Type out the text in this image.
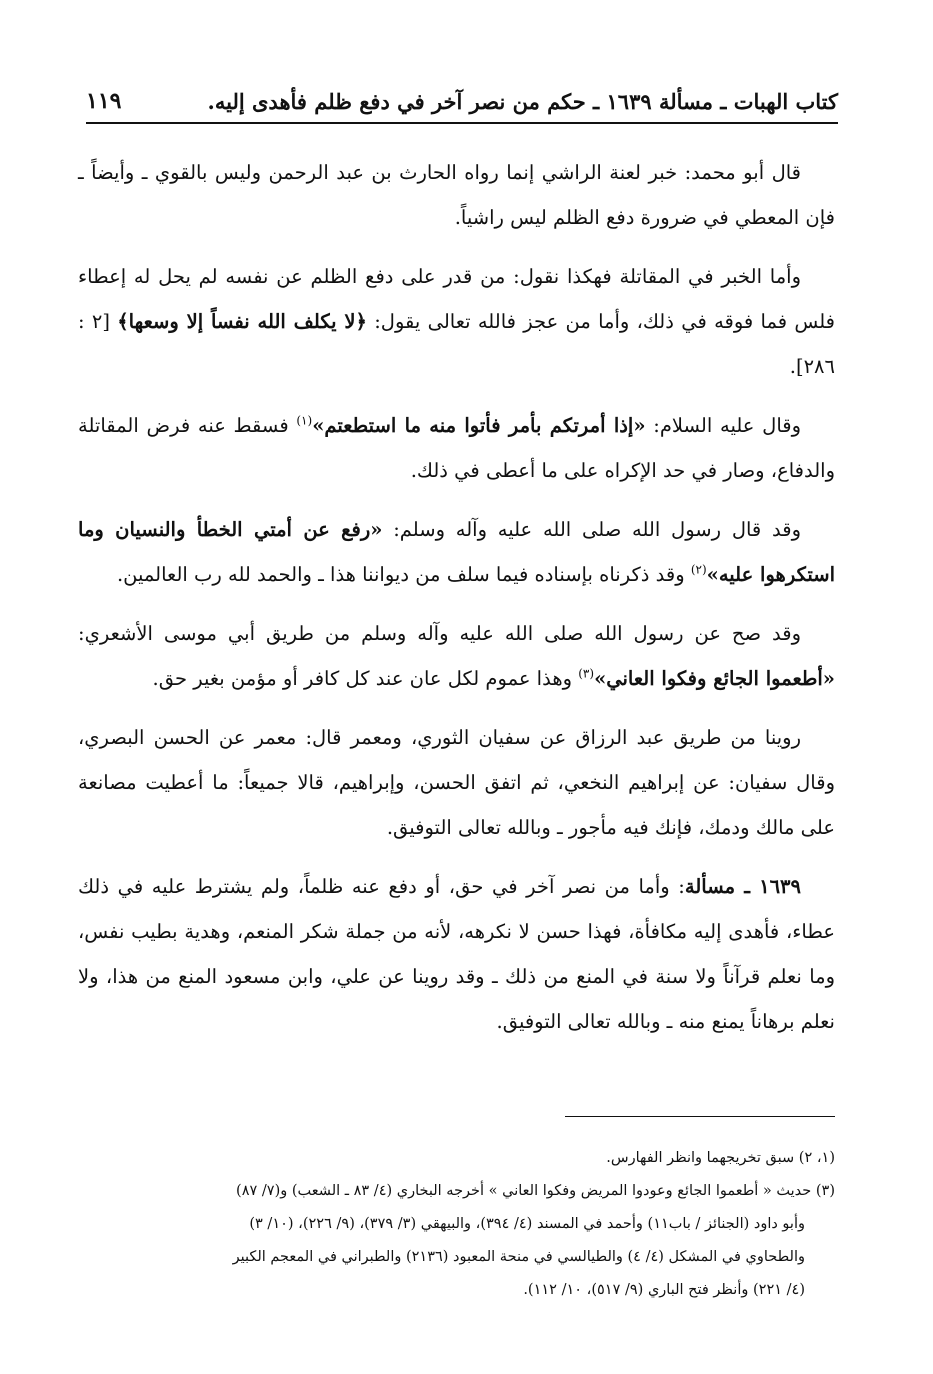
كتاب الهبات ـ مسألة ١٦٣٩ ـ حكم من نصر آخر في دفع ظلم فأهدى إليه.
١١٩

قال أبو محمد: خبر لعنة الراشي إنما رواه الحارث بن عبد الرحمن وليس بالقوي ـ وأيضاً ـ فإن المعطي في ضرورة دفع الظلم ليس راشياً.

وأما الخبر في المقاتلة فهكذا نقول: من قدر على دفع الظلم عن نفسه لم يحل له إعطاء فلس فما فوقه في ذلك، وأما من عجز فالله تعالى يقول: ﴿لا يكلف الله نفساً إلا وسعها﴾ [٢ : ٢٨٦].

وقال عليه السلام: «إذا أمرتكم بأمر فأتوا منه ما استطعتم»$^{(١)}$ فسقط عنه فرض المقاتلة والدفاع، وصار في حد الإكراه على ما أعطى في ذلك.

وقد قال رسول الله صلى الله عليه وآله وسلم: «رفع عن أمتي الخطأ والنسيان وما استكرهوا عليه»$^{(٢)}$ وقد ذكرناه بإسناده فيما سلف من ديواننا هذا ـ والحمد لله رب العالمين.

وقد صح عن رسول الله صلى الله عليه وآله وسلم من طريق أبي موسى الأشعري: «أطعموا الجائع وفكوا العاني»$^{(٣)}$ وهذا عموم لكل عان عند كل كافر أو مؤمن بغير حق.

روينا من طريق عبد الرزاق عن سفيان الثوري، ومعمر قال: معمر عن الحسن البصري، وقال سفيان: عن إبراهيم النخعي، ثم اتفق الحسن، وإبراهيم، قالا جميعاً: ما أعطيت مصانعة على مالك ودمك، فإنك فيه مأجور ـ وبالله تعالى التوفيق.

١٦٣٩ ـ مسألة: وأما من نصر آخر في حق، أو دفع عنه ظلماً، ولم يشترط عليه في ذلك عطاء، فأهدى إليه مكافأة، فهذا حسن لا نكرهه، لأنه من جملة شكر المنعم، وهدية بطيب نفس، وما نعلم قرآناً ولا سنة في المنع من ذلك ـ وقد روينا عن علي، وابن مسعود المنع من هذا، ولا نعلم برهاناً يمنع منه ـ وبالله تعالى التوفيق.

(١، ٢) سبق تخريجهما وانظر الفهارس.

(٣) حديث « أطعموا الجائع وعودوا المريض وفكوا العاني » أخرجه البخاري (٤/ ٨٣ ـ الشعب) و(٧/ ٨٧)

وأبو داود (الجنائز / باب١١) وأحمد في المسند (٤/ ٣٩٤)، والبيهقي (٣/ ٣٧٩)، (٩/ ٢٢٦)، (١٠/ ٣)

والطحاوي في المشكل (٤/ ٤) والطيالسي في منحة المعبود (٢١٣٦) والطبراني في المعجم الكبير

(٤/ ٢٢١) وأنظر فتح الباري (٩/ ٥١٧)، ١٠/ ١١٢).
